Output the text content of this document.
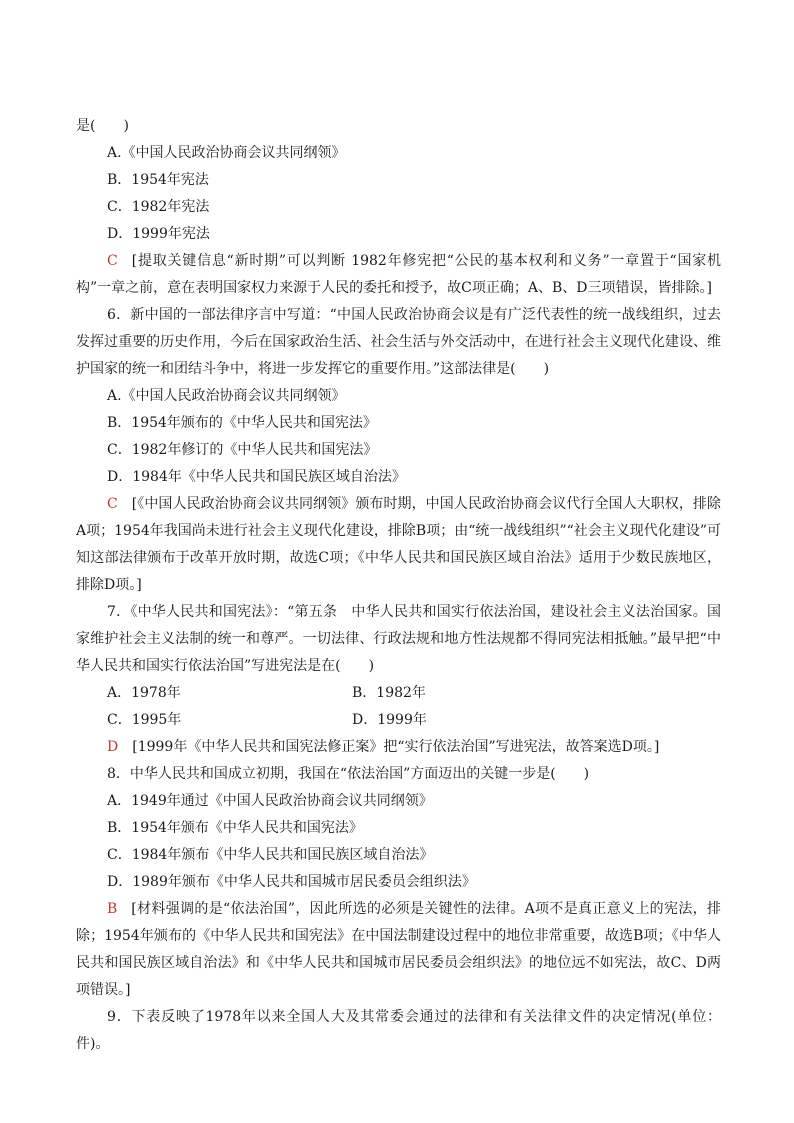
是(　　)

A.《中国人民政治协商会议共同纲领》

B．1954年宪法

C．1982年宪法

D．1999年宪法

C [提取关键信息“新时期”可以判断 1982年修宪把“公民的基本权利和义务”一章置于“国家机构”一章之前，意在表明国家权力来源于人民的委托和授予，故C项正确；A、B、D三项错误，皆排除。]

6．新中国的一部法律序言中写道：“中国人民政治协商会议是有广泛代表性的统一战线组织，过去发挥过重要的历史作用，今后在国家政治生活、社会生活与外交活动中，在进行社会主义现代化建设、维护国家的统一和团结斗争中，将进一步发挥它的重要作用。”这部法律是(　　)

A.《中国人民政治协商会议共同纲领》

B．1954年颁布的《中华人民共和国宪法》

C．1982年修订的《中华人民共和国宪法》

D．1984年《中华人民共和国民族区域自治法》

C [《中国人民政治协商会议共同纲领》颁布时期，中国人民政治协商会议代行全国人大职权，排除A项；1954年我国尚未进行社会主义现代化建设，排除B项；由“统一战线组织”“社会主义现代化建设”可知这部法律颁布于改革开放时期，故选C项；《中华人民共和国民族区域自治法》适用于少数民族地区，排除D项。]

7．《中华人民共和国宪法》：“第五条　中华人民共和国实行依法治国，建设社会主义法治国家。国家维护社会主义法制的统一和尊严。一切法律、行政法规和地方性法规都不得同宪法相抵触。”最早把“中华人民共和国实行依法治国”写进宪法是在(　　)

A．1978年	B．1982年

C．1995年	D．1999年

D [1999年《中华人民共和国宪法修正案》把“实行依法治国”写进宪法，故答案选D项。]

8．中华人民共和国成立初期，我国在“依法治国”方面迈出的关键一步是(　　)

A．1949年通过《中国人民政治协商会议共同纲领》

B．1954年颁布《中华人民共和国宪法》

C．1984年颁布《中华人民共和国民族区域自治法》

D．1989年颁布《中华人民共和国城市居民委员会组织法》

B [材料强调的是“依法治国”，因此所选的必须是关键性的法律。A项不是真正意义上的宪法，排除；1954年颁布的《中华人民共和国宪法》在中国法制建设过程中的地位非常重要，故选B项；《中华人民共和国民族区域自治法》和《中华人民共和国城市居民委员会组织法》的地位远不如宪法，故C、D两项错误。]

9．下表反映了1978年以来全国人大及其常委会通过的法律和有关法律文件的决定情况(单位：件)。
